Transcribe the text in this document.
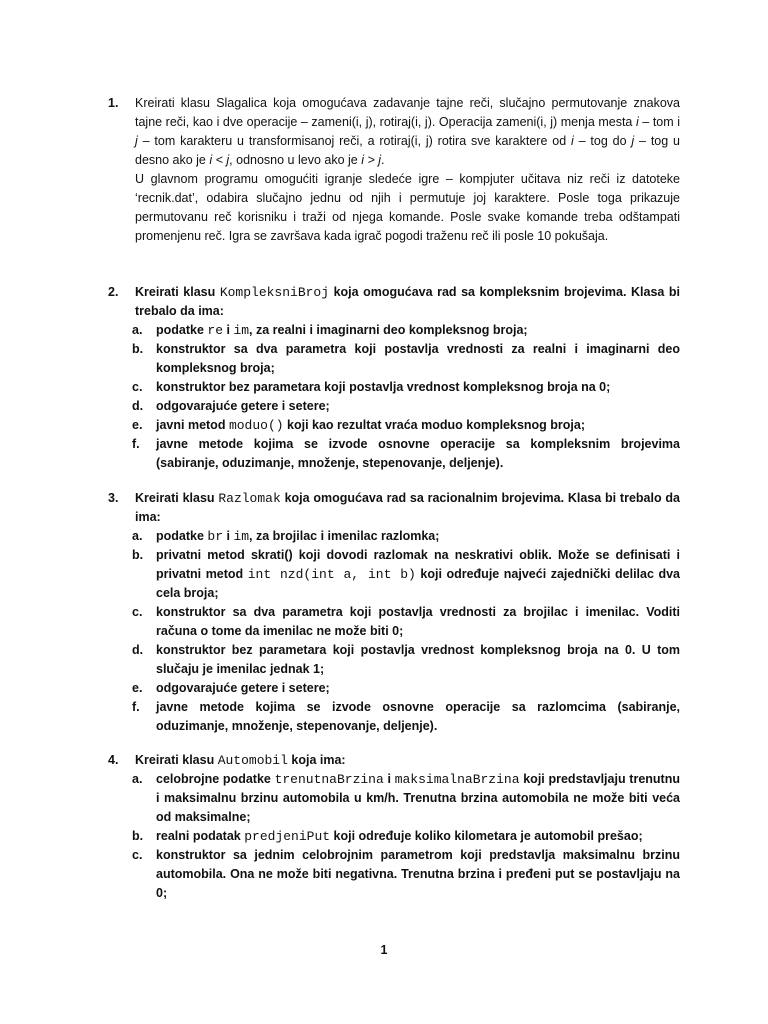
1. Kreirati klasu Slagalica koja omogućava zadavanje tajne reči, slučajno permutovanje znakova tajne reči, kao i dve operacije – zameni(i, j), rotiraj(i, j). Operacija zameni(i, j) menja mesta i – tom i j – tom karakteru u transformisanoj reči, a rotiraj(i, j) rotira sve karaktere od i – tog do j – tog u desno ako je i < j, odnosno u levo ako je i > j.
U glavnom programu omogućiti igranje sledeće igre – kompjuter učitava niz reči iz datoteke ‘recnik.dat’, odabira slučajno jednu od njih i permutuje joj karaktere. Posle toga prikazuje permutovanu reč korisniku i traži od njega komande. Posle svake komande treba odštampati promenjenu reč. Igra se završava kada igrač pogodi traženu reč ili posle 10 pokušaja.
2. Kreirati klasu KompleksniBroj koja omogućava rad sa kompleksnim brojevima. Klasa bi trebalo da ima:
a. podatke re i im, za realni i imaginarni deo kompleksnog broja;
b. konstruktor sa dva parametra koji postavlja vrednosti za realni i imaginarni deo kompleksnog broja;
c. konstruktor bez parametara koji postavlja vrednost kompleksnog broja na 0;
d. odgovarajuće getere i setere;
e. javni metod moduo() koji kao rezultat vraća moduo kompleksnog broja;
f. javne metode kojima se izvode osnovne operacije sa kompleksnim brojevima (sabiranje, oduzimanje, množenje, stepenovanje, deljenje).
3. Kreirati klasu Razlomak koja omogućava rad sa racionalnim brojevima. Klasa bi trebalo da ima:
a. podatke br i im, za brojilac i imenilac razlomka;
b. privatni metod skrati() koji dovodi razlomak na neskrativi oblik. Može se definisati i privatni metod int nzd(int a, int b) koji određuje najveći zajednički delilac dva cela broja;
c. konstruktor sa dva parametra koji postavlja vrednosti za brojilac i imenilac. Voditi računa o tome da imenilac ne može biti 0;
d. konstruktor bez parametara koji postavlja vrednost kompleksnog broja na 0. U tom slučaju je imenilac jednak 1;
e. odgovarajuće getere i setere;
f. javne metode kojima se izvode osnovne operacije sa razlomcima (sabiranje, oduzimanje, množenje, stepenovanje, deljenje).
4. Kreirati klasu Automobil koja ima:
a. celobrojne podatke trenutnaBrzina i maksimalnaBrzina koji predstavljaju trenutnu i maksimalnu brzinu automobila u km/h. Trenutna brzina automobila ne može biti veća od maksimalne;
b. realni podatak predjeniPut koji određuje koliko kilometara je automobil prešao;
c. konstruktor sa jednim celobrojnim parametrom koji predstavlja maksimalnu brzinu automobila. Ona ne može biti negativna. Trenutna brzina i pređeni put se postavljaju na 0;
1
